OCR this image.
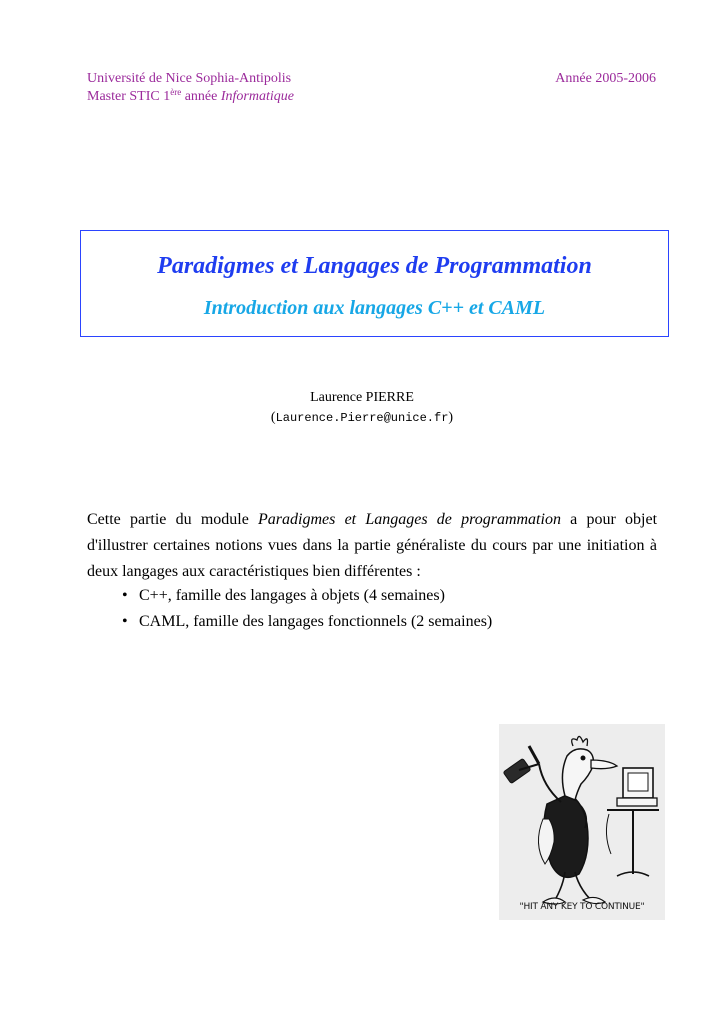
Université de Nice Sophia-Antipolis
Master STIC 1ère année Informatique
Année 2005-2006
Paradigmes et Langages de Programmation
Introduction aux langages C++ et CAML
Laurence PIERRE
(Laurence.Pierre@unice.fr)
Cette partie du module Paradigmes et Langages de programmation a pour objet d'illustrer certaines notions vues dans la partie généraliste du cours par une initiation à deux langages aux caractéristiques bien différentes :
• C++, famille des langages à objets (4 semaines)
• CAML, famille des langages fonctionnels (2 semaines)
"HIT ANY KEY TO CONTINUE"
